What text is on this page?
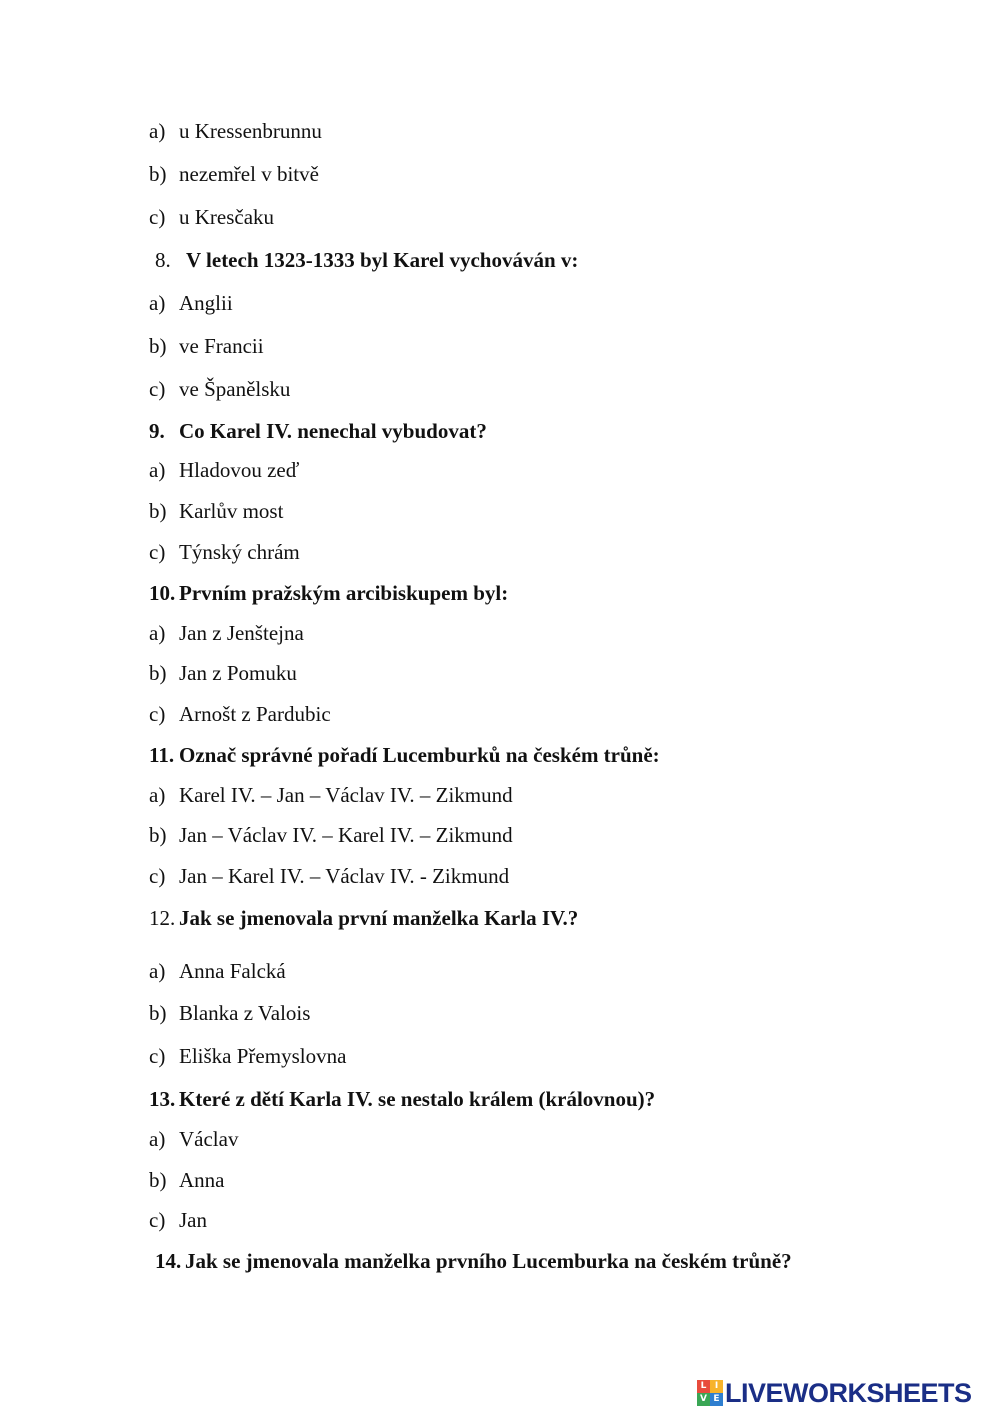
a) u Kressenbrunnu
b) nezemřel v bitvě
c) u Kresčaku
8. V letech 1323-1333 byl Karel vychováván v:
a) Anglii
b) ve Francii
c) ve Španělsku
9. Co Karel IV. nenechal vybudovat?
a) Hladovou zeď
b) Karlův most
c) Týnský chrám
10. Prvním pražským arcibiskupem byl:
a) Jan z Jenštejna
b) Jan z Pomuku
c) Arnošt z Pardubic
11. Označ správné pořadí Lucemburků na českém trůně:
a) Karel IV. – Jan – Václav IV. – Zikmund
b) Jan – Václav IV. – Karel IV. – Zikmund
c) Jan – Karel IV. – Václav IV. - Zikmund
12. Jak se jmenovala první manželka Karla IV.?
a) Anna Falcká
b) Blanka z Valois
c) Eliška Přemyslovna
13. Které z dětí Karla IV. se nestalo králem (královnou)?
a) Václav
b) Anna
c) Jan
14. Jak se jmenovala manželka prvního Lucemburka na českém trůně?
L I
V E LIVEWORKSHEETS
